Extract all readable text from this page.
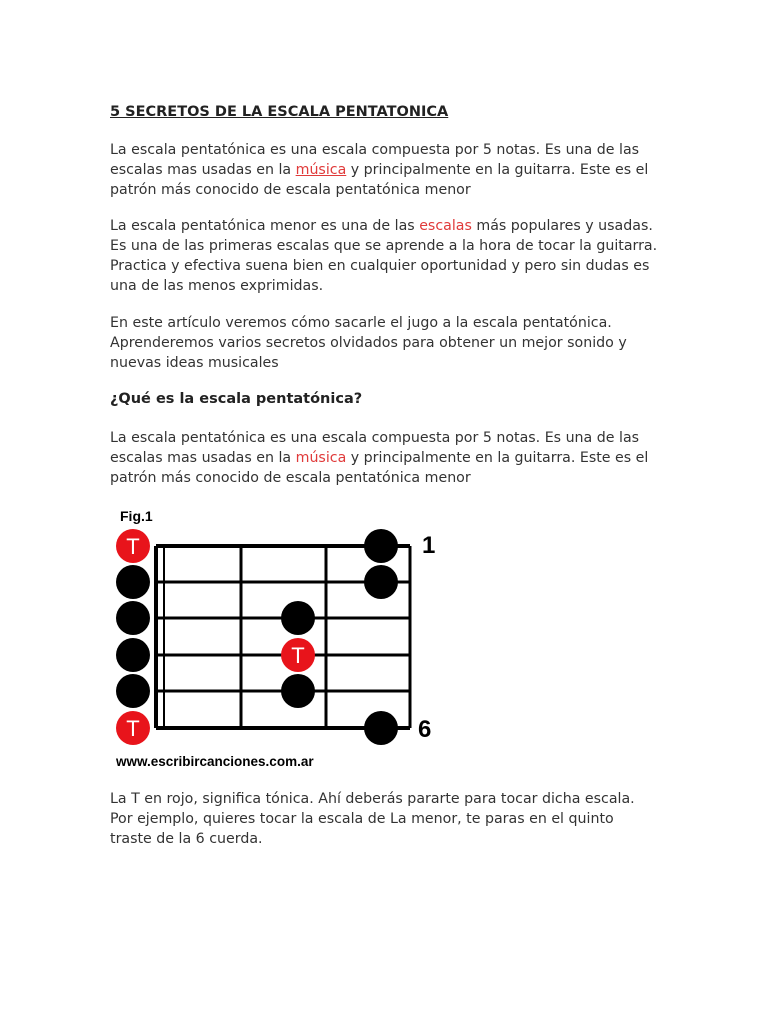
5 SECRETOS DE LA ESCALA PENTATONICA
La escala pentatónica es una escala compuesta por 5 notas. Es una de las
escalas mas usadas en la música y principalmente en la guitarra. Este es el
patrón más conocido de escala pentatónica menor
La escala pentatónica menor es una de las escalas más populares y usadas.
Es una de las primeras escalas que se aprende a la hora de tocar la guitarra.
Practica y efectiva suena bien en cualquier oportunidad y pero sin dudas es
una de las menos exprimidas.
En este artículo veremos cómo sacarle el jugo a la escala pentatónica.
Aprenderemos varios secretos olvidados para obtener un mejor sonido y
nuevas ideas musicales
¿Qué es la escala pentatónica?
La escala pentatónica es una escala compuesta por 5 notas. Es una de las
escalas mas usadas en la música y principalmente en la guitarra. Este es el
patrón más conocido de escala pentatónica menor
Fig.1
T
T
T
1
6
www.escribircanciones.com.ar
La T en rojo, significa tónica. Ahí deberás pararte para tocar dicha escala.
Por ejemplo, quieres tocar la escala de La menor, te paras en el quinto
traste de la 6 cuerda.
